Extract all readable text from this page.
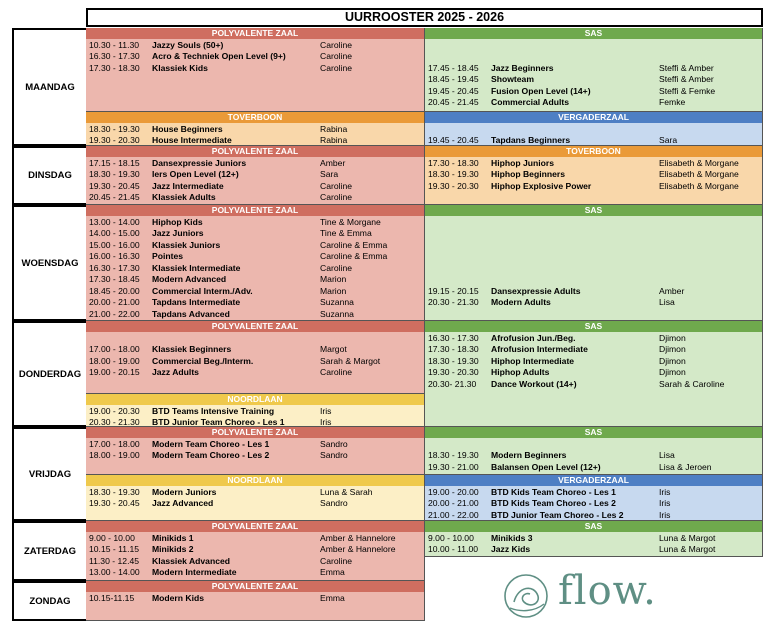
UURROOSTER 2025 - 2026
MAANDAG
DINSDAG
WOENSDAG
DONDERDAG
VRIJDAG
ZATERDAG
ZONDAG
POLYVALENTE ZAAL
10.30 - 11.30 Jazzy Souls (50+)	Caroline
16.30 - 17.30 Acro & Techniek Open Level (9+)	Caroline
17.30 - 18.30 Klassiek Kids	Caroline
SAS
17.45 - 18.45 Jazz Beginners	Steffi & Amber
18.45 - 19.45 Showteam	Steffi & Amber
19.45 - 20.45 Fusion Open Level (14+)	Steffi & Femke
20.45 - 21.45 Commercial Adults	Femke
TOVERBOON
18.30 - 19.30 House Beginners	Rabina
19.30 - 20.30 House Intermediate	Rabina
VERGADERZAAL
19.45 - 20.45 Tapdans Beginners	Sara
POLYVALENTE ZAAL
17.15 - 18.15 Dansexpressie Juniors	Amber
18.30 - 19.30 Iers Open Level (12+)	Sara
19.30 - 20.45 Jazz Intermediate	Caroline
20.45 - 21.45 Klassiek Adults	Caroline
TOVERBOON
17.30 - 18.30 Hiphop Juniors	Elisabeth & Morgane
18.30 - 19.30 Hiphop Beginners	Elisabeth & Morgane
19.30 - 20.30 Hiphop Explosive Power	Elisabeth & Morgane
POLYVALENTE ZAAL
13.00 - 14.00 Hiphop Kids	Tine & Morgane
14.00 - 15.00 Jazz Juniors	Tine & Emma
15.00 - 16.00 Klassiek Juniors	Caroline & Emma
16.00 - 16.30 Pointes	Caroline & Emma
16.30 - 17.30 Klassiek Intermediate	Caroline
17.30 - 18.45 Modern Advanced	Marion
18.45 - 20.00 Commercial Interm./Adv.	Marion
20.00 - 21.00 Tapdans Intermediate	Suzanna
21.00 - 22.00 Tapdans Advanced	Suzanna
SAS
19.15 - 20.15 Dansexpressie Adults	Amber
20.30 - 21.30 Modern Adults	Lisa
POLYVALENTE ZAAL
17.00 - 18.00 Klassiek Beginners	Margot
18.00 - 19.00 Commercial Beg./Interm.	Sarah & Margot
19.00 - 20.15 Jazz Adults	Caroline
SAS
16.30 - 17.30 Afrofusion Jun./Beg.	Djimon
17.30 - 18.30 Afrofusion Intermediate	Djimon
18.30 - 19.30 Hiphop Intermediate	Djimon
19.30 - 20.30 Hiphop Adults	Djimon
20.30- 21.30 Dance Workout (14+)	Sarah & Caroline
NOORDLAAN
19.00 - 20.30 BTD Teams Intensive Training	Iris
20.30 - 21.30 BTD Junior Team Choreo - Les 1	Iris
POLYVALENTE ZAAL
17.00 - 18.00 Modern Team Choreo - Les 1	Sandro
18.00 - 19.00 Modern Team Choreo - Les 2	Sandro
SAS
18.30 - 19.30 Modern Beginners	Lisa
19.30 - 21.00 Balansen Open Level (12+)	Lisa & Jeroen
NOORDLAAN
18.30 - 19.30 Modern Juniors	Luna & Sarah
19.30 - 20.45 Jazz Advanced	Sandro
VERGADERZAAL
19.00 - 20.00 BTD Kids Team Choreo - Les 1	Iris
20.00 - 21.00 BTD Kids Team Choreo - Les 2	Iris
21.00 - 22.00 BTD Junior Team Choreo - Les 2	Iris
POLYVALENTE ZAAL
9.00 - 10.00 Minikids 1	Amber & Hannelore
10.15 - 11.15 Minikids 2	Amber & Hannelore
11.30 - 12.45 Klassiek Advanced	Caroline
13.00 - 14.00 Modern Intermediate	Emma
SAS
9.00 - 10.00 Minikids 3	Luna & Margot
10.00 - 11.00 Jazz Kids	Luna & Margot
POLYVALENTE ZAAL
10.15-11.15 Modern Kids	Emma	flow.
